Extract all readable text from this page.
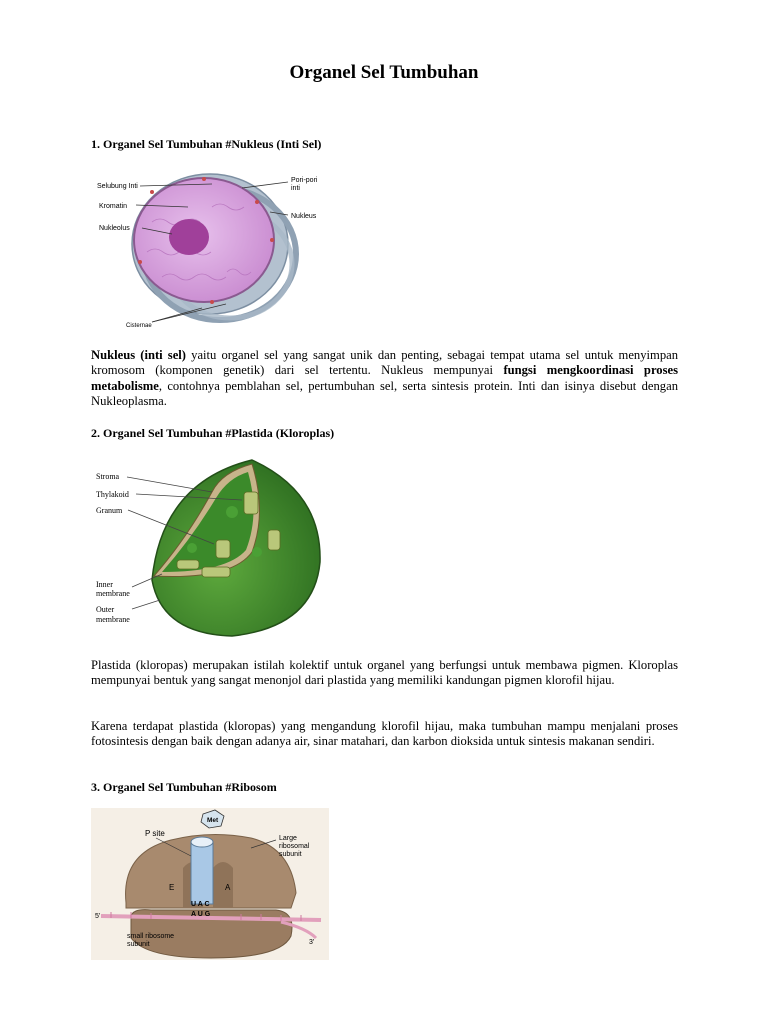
Organel Sel Tumbuhan
1. Organel Sel Tumbuhan #Nukleus (Inti Sel)
Selubung Inti
Kromatin
Nukleolus
Pori-pori
inti
Nukleus
Cisternae
Nukleus (inti sel) yaitu organel sel yang sangat unik dan penting, sebagai tempat utama sel untuk menyimpan kromosom (komponen genetik) dari sel tertentu. Nukleus mempunyai fungsi mengkoordinasi proses metabolisme, contohnya pemblahan sel, pertumbuhan sel, serta sintesis protein. Inti dan isinya disebut dengan Nukleoplasma.
2. Organel Sel Tumbuhan #Plastida (Kloroplas)
Stroma
Thylakoid
Granum
Inner
membrane
Outer
membrane
Plastida (kloropas) merupakan istilah kolektif untuk organel yang berfungsi untuk membawa pigmen. Kloroplas mempunyai bentuk yang sangat menonjol dari plastida yang memiliki kandungan pigmen klorofil hijau.
Karena terdapat plastida (kloropas) yang mengandung klorofil hijau, maka tumbuhan mampu menjalani proses fotosintesis dengan baik dengan adanya air, sinar matahari, dan karbon dioksida untuk sintesis makanan sendiri.
3. Organel Sel Tumbuhan #Ribosom
Met
P site
Large
ribosomal
subunit
E	A
U A C
A U G
5'
3'
small ribosome
subunit
